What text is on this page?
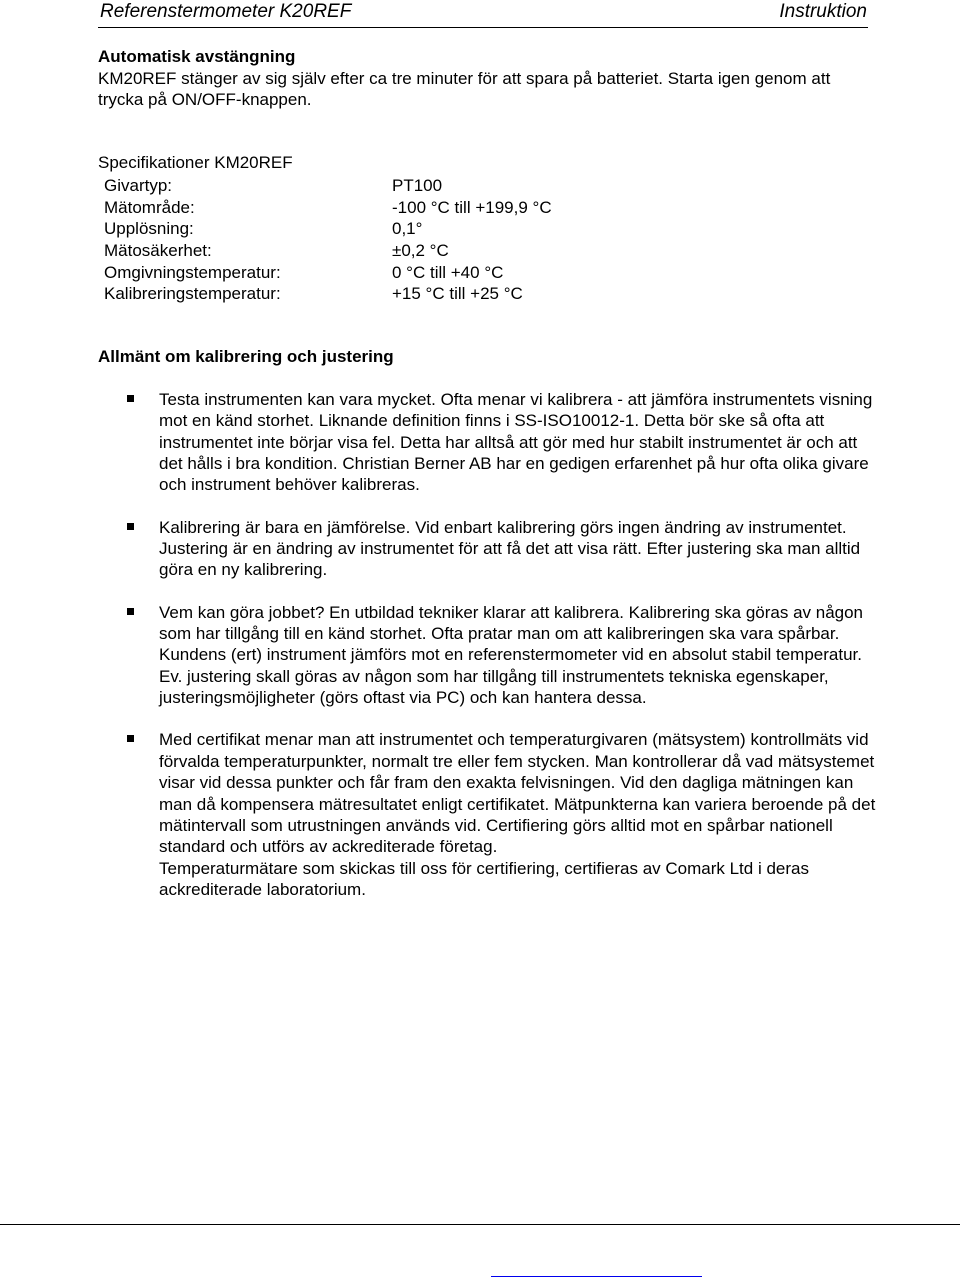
Referenstermometer K20REF	Instruktion
Automatisk avstängning
KM20REF stänger av sig själv efter ca tre minuter för att spara på batteriet. Starta igen genom att trycka på ON/OFF-knappen.
Specifikationer KM20REF
Givartyp:	PT100
Mätområde:	-100 °C till +199,9 °C
Upplösning:	0,1°
Mätosäkerhet:	±0,2 °C
Omgivningstemperatur:	0 °C till +40 °C
Kalibreringstemperatur:	+15 °C till +25 °C
Allmänt om kalibrering och justering
Testa instrumenten kan vara mycket. Ofta menar vi kalibrera - att jämföra instrumentets visning mot en känd storhet. Liknande definition finns i SS-ISO10012-1. Detta bör ske så ofta att instrumentet inte börjar visa fel. Detta har alltså att gör med hur stabilt instrumentet är och att det hålls i bra kondition. Christian Berner AB har en gedigen erfarenhet på hur ofta olika givare och instrument behöver kalibreras.
Kalibrering är bara en jämförelse. Vid enbart kalibrering görs ingen ändring av instrumentet. Justering är en ändring av instrumentet för att få det att visa rätt. Efter justering ska man alltid göra en ny kalibrering.
Vem kan göra jobbet? En utbildad tekniker klarar att kalibrera. Kalibrering ska göras av någon som har tillgång till en känd storhet. Ofta pratar man om att kalibreringen ska vara spårbar. Kundens (ert) instrument jämförs mot en referenstermometer vid en absolut stabil temperatur.
Ev. justering skall göras av någon som har tillgång till instrumentets tekniska egenskaper, justeringsmöjligheter (görs oftast via PC) och kan hantera dessa.
Med certifikat menar man att instrumentet och temperaturgivaren (mätsystem) kontrollmäts vid förvalda temperaturpunkter, normalt tre eller fem stycken. Man kontrollerar då vad mätsystemet visar vid dessa punkter och får fram den exakta felvisningen. Vid den dagliga mätningen kan man då kompensera mätresultatet enligt certifikatet. Mätpunkterna kan variera beroende på det mätintervall som utrustningen används vid. Certifiering görs alltid mot en spårbar nationell standard och utförs av ackrediterade företag.
Temperaturmätare som skickas till oss för certifiering, certifieras av Comark Ltd i deras ackrediterade laboratorium.
